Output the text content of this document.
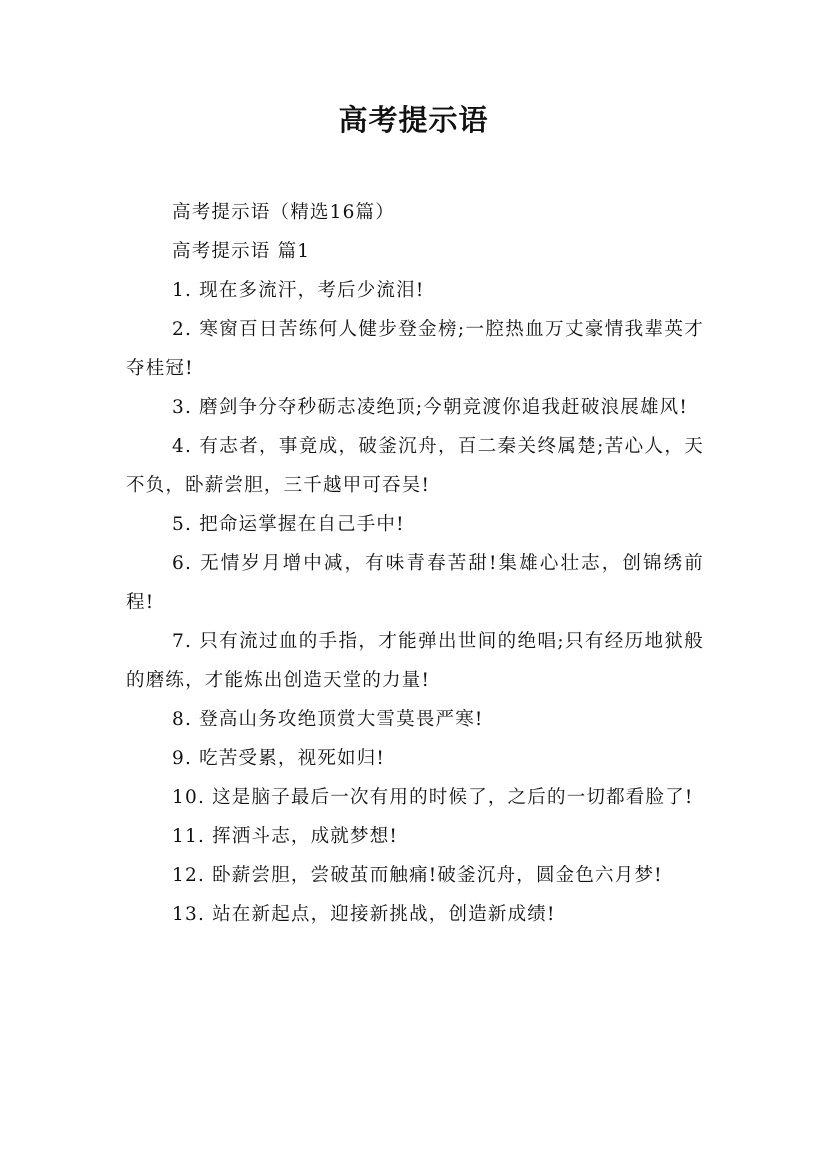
高考提示语

高考提示语（精选16篇）

高考提示语 篇1

1. 现在多流汗，考后少流泪!

2. 寒窗百日苦练何人健步登金榜;一腔热血万丈豪情我辈英才夺桂冠!

3. 磨剑争分夺秒砺志凌绝顶;今朝竞渡你追我赶破浪展雄风!

4. 有志者，事竟成，破釜沉舟，百二秦关终属楚;苦心人，天不负，卧薪尝胆，三千越甲可吞吴!

5. 把命运掌握在自己手中!

6. 无情岁月增中减，有味青春苦甜!集雄心壮志，创锦绣前程!

7. 只有流过血的手指，才能弹出世间的绝唱;只有经历地狱般的磨练，才能炼出创造天堂的力量!

8. 登高山务攻绝顶赏大雪莫畏严寒!

9. 吃苦受累，视死如归!

10. 这是脑子最后一次有用的时候了，之后的一切都看脸了!

11. 挥洒斗志，成就梦想!

12. 卧薪尝胆，尝破茧而触痛!破釜沉舟，圆金色六月梦!

13. 站在新起点，迎接新挑战，创造新成绩!
